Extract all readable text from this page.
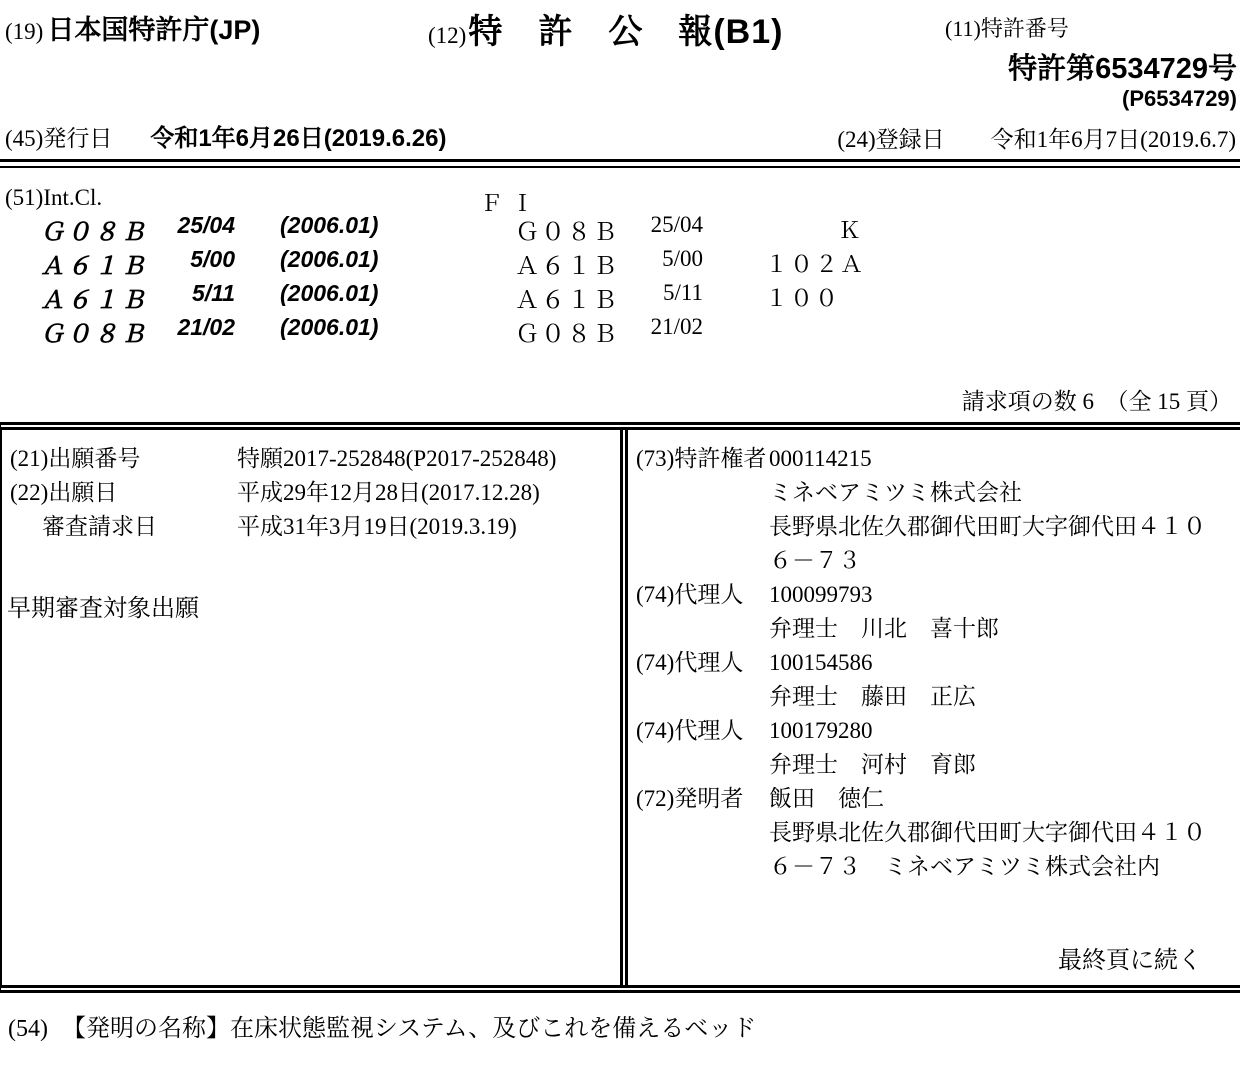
(19) 日本国特許庁(JP)	(12)特　許　公　報(B1)	(11)特許番号
特許第6534729号
(P6534729)
(45)発行日 令和1年6月26日(2019.6.26)	(24)登録日　　令和1年6月7日(2019.6.7)
(51)Int.Cl.	ＦＩ
Ｇ０８Ｂ	25/04 (2006.01)	Ｇ０８Ｂ	25/04	Ｋ
Ａ６１Ｂ	5/00 (2006.01)	Ａ６１Ｂ	5/00	１０２Ａ
Ａ６１Ｂ	5/11 (2006.01)	Ａ６１Ｂ	5/11	１００
Ｇ０８Ｂ	21/02 (2006.01)	Ｇ０８Ｂ	21/02
請求項の数 6　（全 15 頁）
(21)出願番号	特願2017-252848(P2017-252848)
(22)出願日	平成29年12月28日(2017.12.28)
審査請求日	平成31年3月19日(2019.3.19)
早期審査対象出願
(73)特許権者 000114215
ミネベアミツミ株式会社
長野県北佐久郡御代田町大字御代田４１０
６－７３
(74)代理人	100099793
弁理士　川北　喜十郎
(74)代理人	100154586
弁理士　藤田　正広
(74)代理人	100179280
弁理士　河村　育郎
(72)発明者	飯田　徳仁
長野県北佐久郡御代田町大字御代田４１０
６－７３　ミネベアミツミ株式会社内
最終頁に続く
(54) 【発明の名称】在床状態監視システム、及びこれを備えるベッド
